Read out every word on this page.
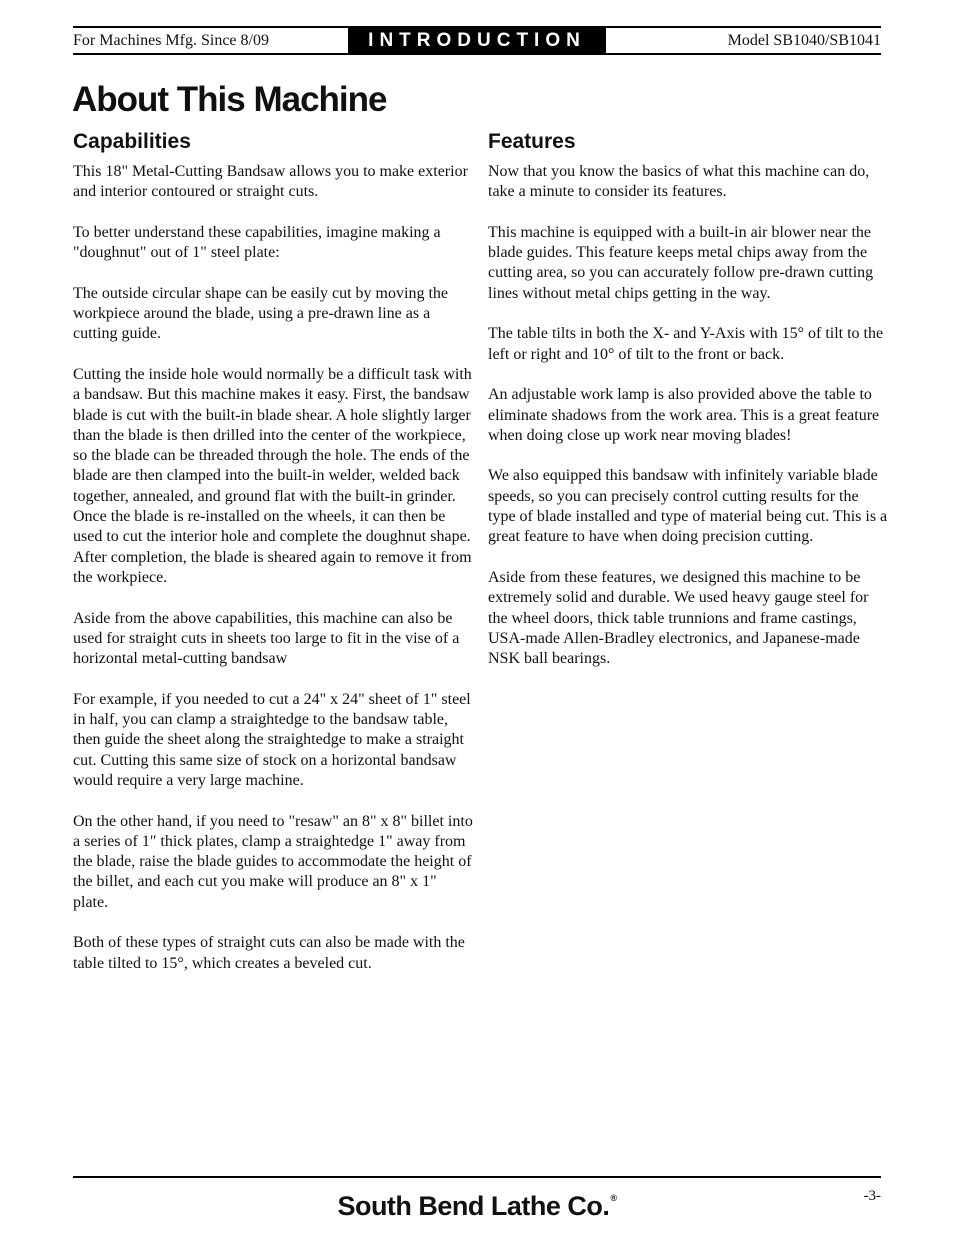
For Machines Mfg. Since 8/09	INTRODUCTION	Model SB1040/SB1041
About This Machine
Capabilities

This 18" Metal-Cutting Bandsaw allows you to make exterior and interior contoured or straight cuts.

To better understand these capabilities, imagine making a "doughnut" out of 1" steel plate:

The outside circular shape can be easily cut by moving the workpiece around the blade, using a pre-drawn line as a cutting guide.

Cutting the inside hole would normally be a difficult task with a bandsaw. But this machine makes it easy. First, the bandsaw blade is cut with the built-in blade shear. A hole slightly larger than the blade is then drilled into the center of the workpiece, so the blade can be threaded through the hole. The ends of the blade are then clamped into the built-in welder, welded back together, annealed, and ground flat with the built-in grinder. Once the blade is re-installed on the wheels, it can then be used to cut the interior hole and complete the doughnut shape. After completion, the blade is sheared again to remove it from the workpiece.

Aside from the above capabilities, this machine can also be used for straight cuts in sheets too large to fit in the vise of a horizontal metal-cutting bandsaw

For example, if you needed to cut a 24" x 24" sheet of 1" steel in half, you can clamp a straightedge to the bandsaw table, then guide the sheet along the straightedge to make a straight cut. Cutting this same size of stock on a horizontal bandsaw would require a very large machine.

On the other hand, if you need to "resaw" an 8" x 8" billet into a series of 1" thick plates, clamp a straightedge 1" away from the blade, raise the blade guides to accommodate the height of the billet, and each cut you make will produce an 8" x 1" plate.

Both of these types of straight cuts can also be made with the table tilted to 15°, which creates a beveled cut.

Features

Now that you know the basics of what this machine can do, take a minute to consider its features.

This machine is equipped with a built-in air blower near the blade guides. This feature keeps metal chips away from the cutting area, so you can accurately follow pre-drawn cutting lines without metal chips getting in the way.

The table tilts in both the X- and Y-Axis with 15° of tilt to the left or right and 10° of tilt to the front or back.

An adjustable work lamp is also provided above the table to eliminate shadows from the work area. This is a great feature when doing close up work near moving blades!

We also equipped this bandsaw with infinitely variable blade speeds, so you can precisely control cutting results for the type of blade installed and type of material being cut. This is a great feature to have when doing precision cutting.

Aside from these features, we designed this machine to be extremely solid and durable. We used heavy gauge steel for the wheel doors, thick table trunnions and frame castings, USA-made Allen-Bradley electronics, and Japanese-made NSK ball bearings.

South Bend Lathe Co.®	-3-
